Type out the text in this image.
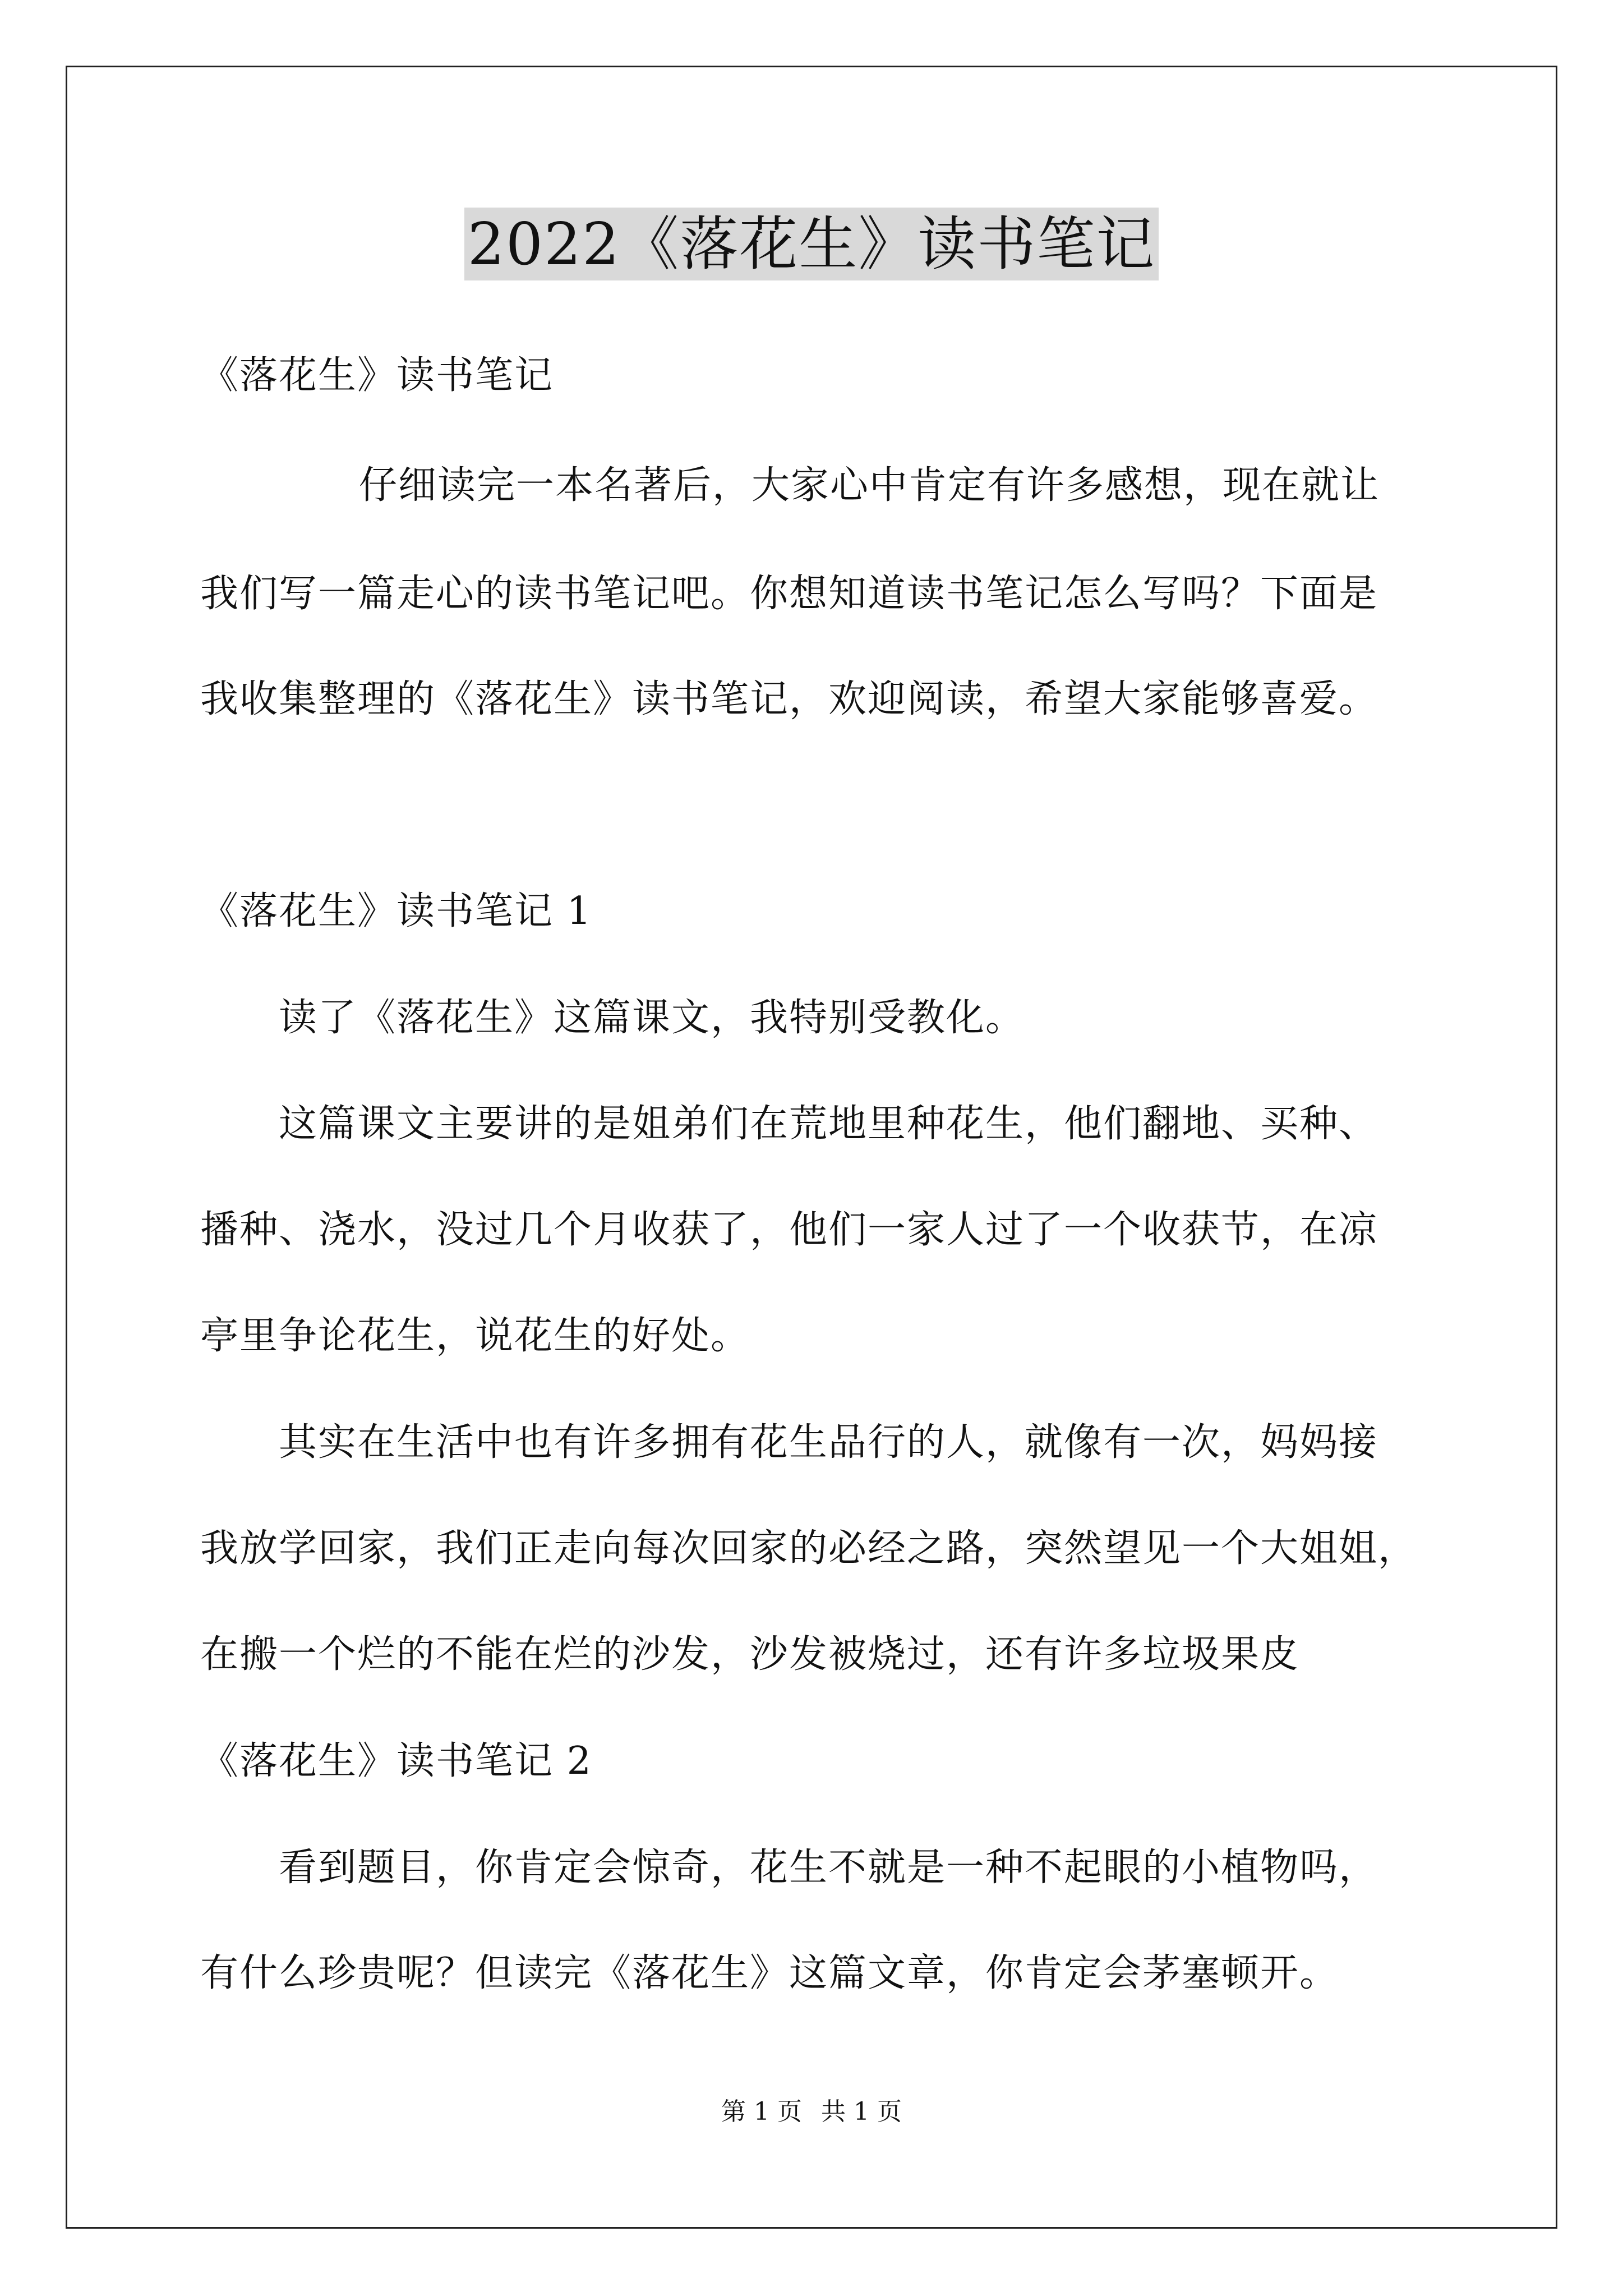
2022《落花生》读书笔记
《落花生》读书笔记
仔细读完一本名著后，大家心中肯定有许多感想，现在就让
我们写一篇走心的读书笔记吧。你想知道读书笔记怎么写吗？下面是
我收集整理的《落花生》读书笔记，欢迎阅读，希望大家能够喜爱。
《落花生》读书笔记 1
读了《落花生》这篇课文，我特别受教化。
这篇课文主要讲的是姐弟们在荒地里种花生，他们翻地、买种、
播种、浇水，没过几个月收获了，他们一家人过了一个收获节，在凉
亭里争论花生，说花生的好处。
其实在生活中也有许多拥有花生品行的人，就像有一次，妈妈接
我放学回家，我们正走向每次回家的必经之路，突然望见一个大姐姐，
在搬一个烂的不能在烂的沙发，沙发被烧过，还有许多垃圾果皮
《落花生》读书笔记 2
看到题目，你肯定会惊奇，花生不就是一种不起眼的小植物吗，
有什么珍贵呢？但读完《落花生》这篇文章，你肯定会茅塞顿开。
第 1 页 共 1 页
